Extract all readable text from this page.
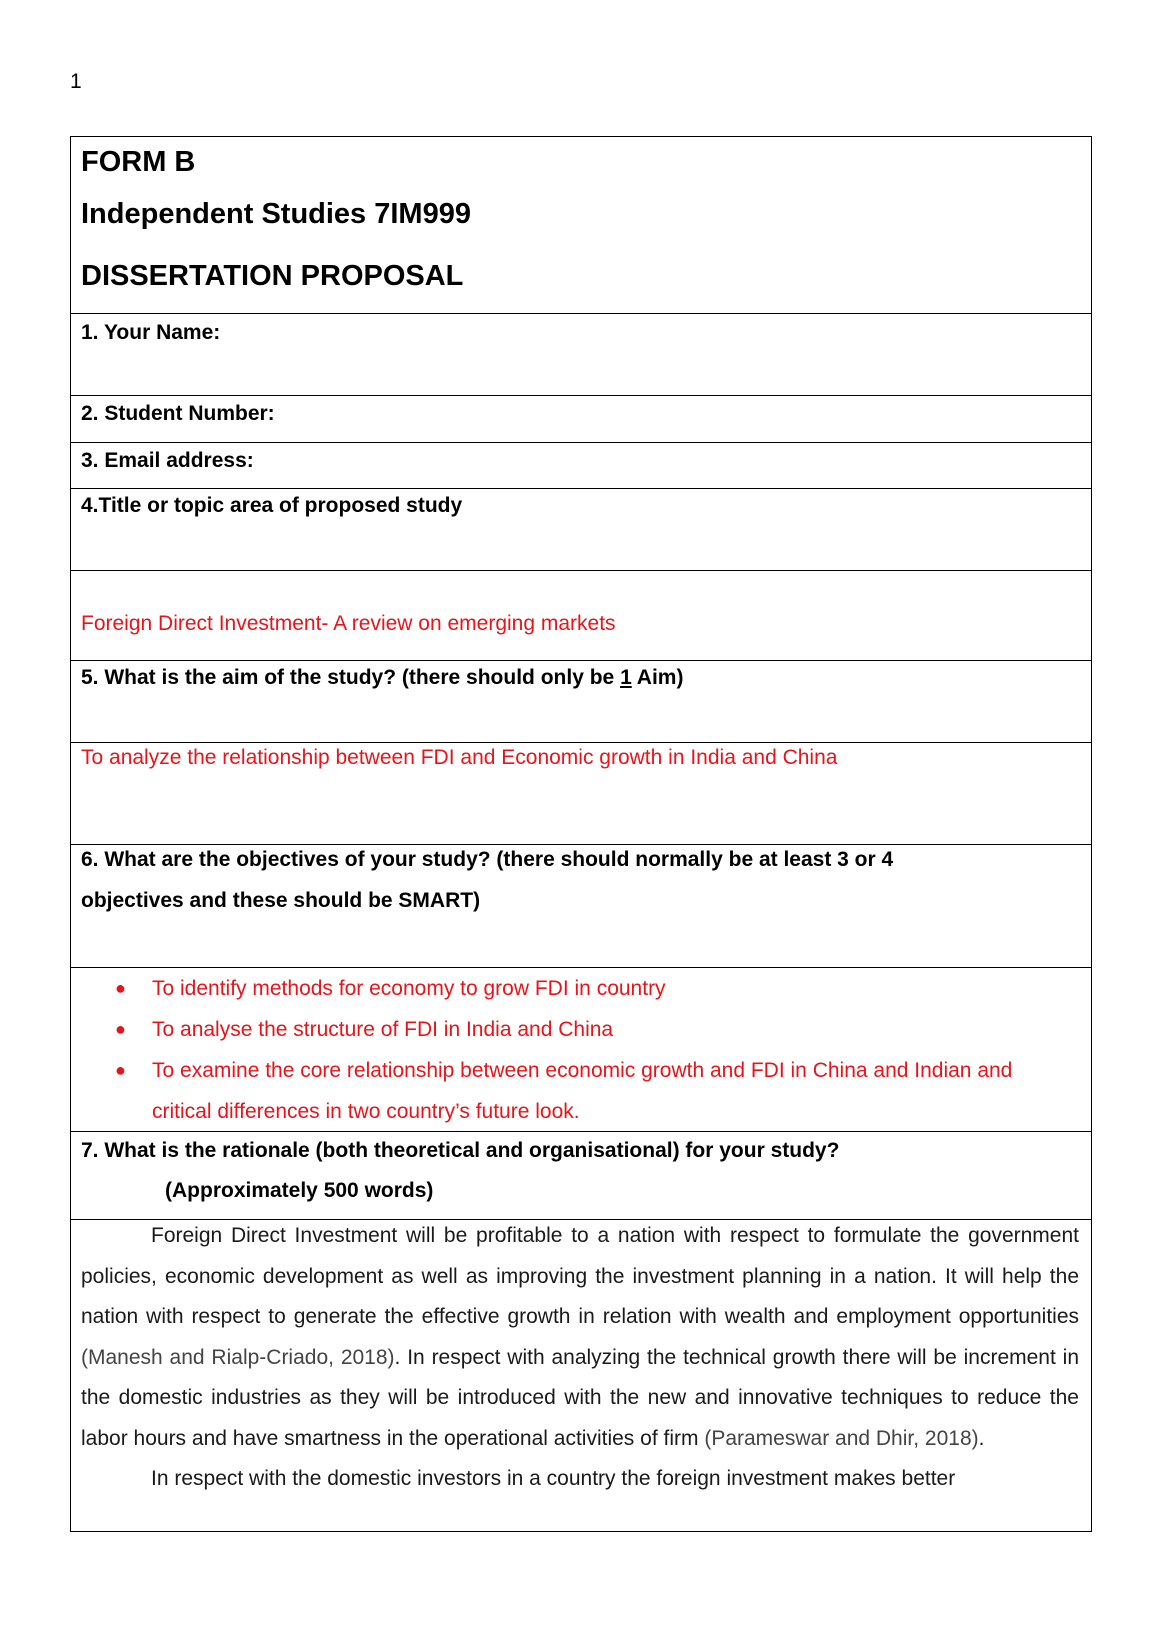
1
FORM B
Independent Studies 7IM999
DISSERTATION PROPOSAL
1. Your Name:
2. Student Number:
3. Email address:
4.Title or topic area of proposed study
Foreign Direct Investment- A review on emerging markets
5. What is the aim of the study? (there should only be 1 Aim)
To analyze the relationship between FDI and Economic growth in India and China
6. What are the objectives of your study? (there should normally be at least 3 or 4
objectives and these should be SMART)
● To identify methods for economy to grow FDI in country
● To analyse the structure of FDI in India and China
● To examine the core relationship between economic growth and FDI in China and Indian and critical differences in two country’s future look.
7. What is the rationale (both theoretical and organisational) for your study?
(Approximately 500 words)

Foreign Direct Investment will be profitable to a nation with respect to formulate the government policies, economic development as well as improving the investment planning in a nation. It will help the nation with respect to generate the effective growth in relation with wealth and employment opportunities (Manesh and Rialp-Criado, 2018). In respect with analyzing the technical growth there will be increment in the domestic industries as they will be introduced with the new and innovative techniques to reduce the labor hours and have smartness in the operational activities of firm (Parameswar and Dhir, 2018).

In respect with the domestic investors in a country the foreign investment makes better
